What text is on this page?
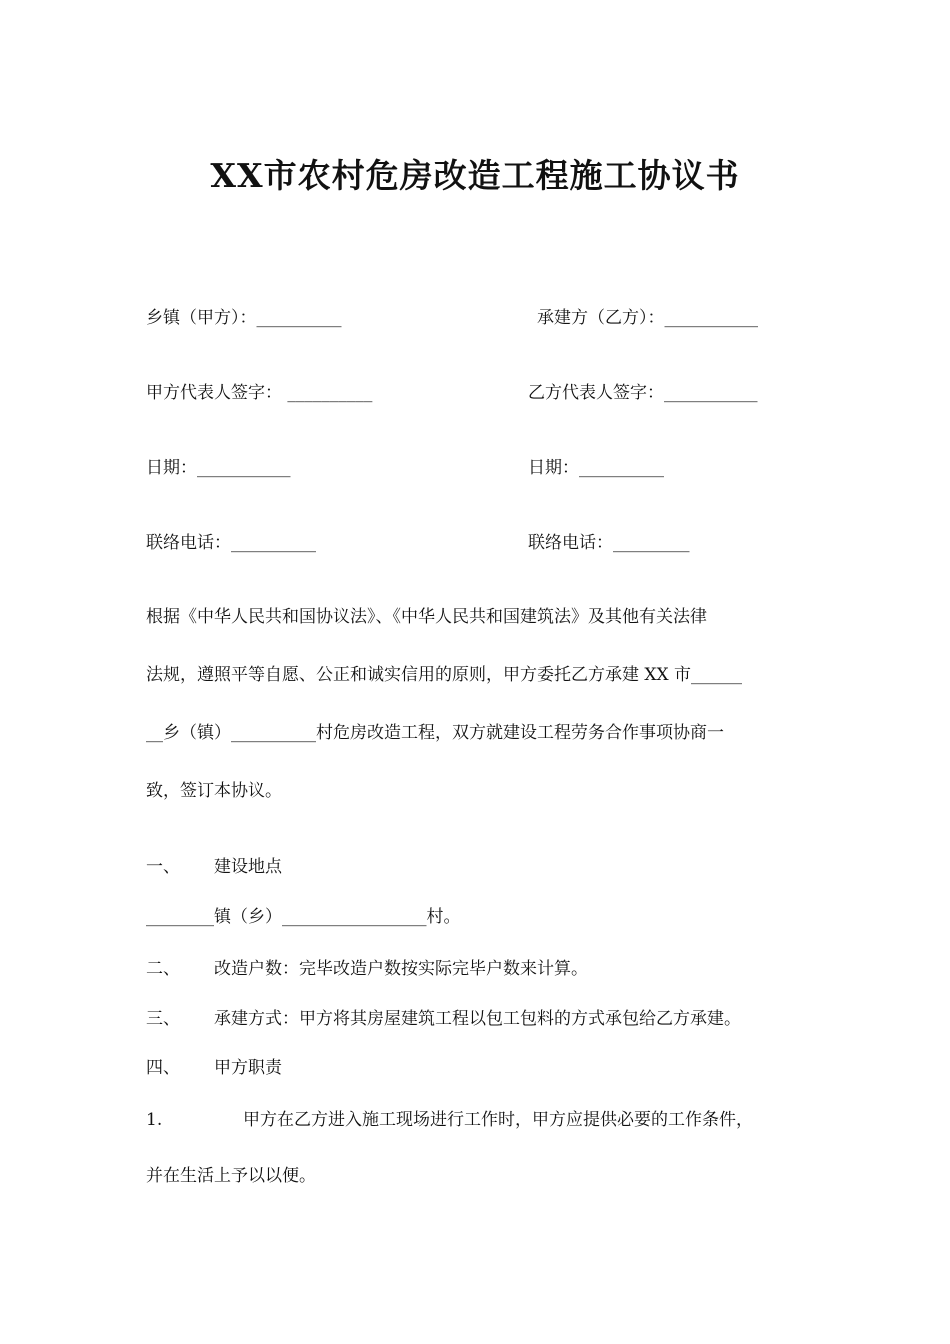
XX市农村危房改造工程施工协议书
乡镇（甲方）：__________	承建方（乙方）：___________
甲方代表人签字： __________	乙方代表人签字：___________
日期：___________	日期：__________
联络电话：__________	联络电话：_________
根据《中华人民共和国协议法》、《中华人民共和国建筑法》及其他有关法律
法规，遵照平等自愿、公正和诚实信用的原则，甲方委托乙方承建 XX 市______
__乡（镇）__________村危房改造工程，双方就建设工程劳务合作事项协商一
致，签订本协议。
一、 建设地点
________镇（乡）_________________村。
二、 改造户数：完毕改造户数按实际完毕户数来计算。
三、 承建方式：甲方将其房屋建筑工程以包工包料的方式承包给乙方承建。
四、 甲方职责
1.	甲方在乙方进入施工现场进行工作时，甲方应提供必要的工作条件，
并在生活上予以以便。
